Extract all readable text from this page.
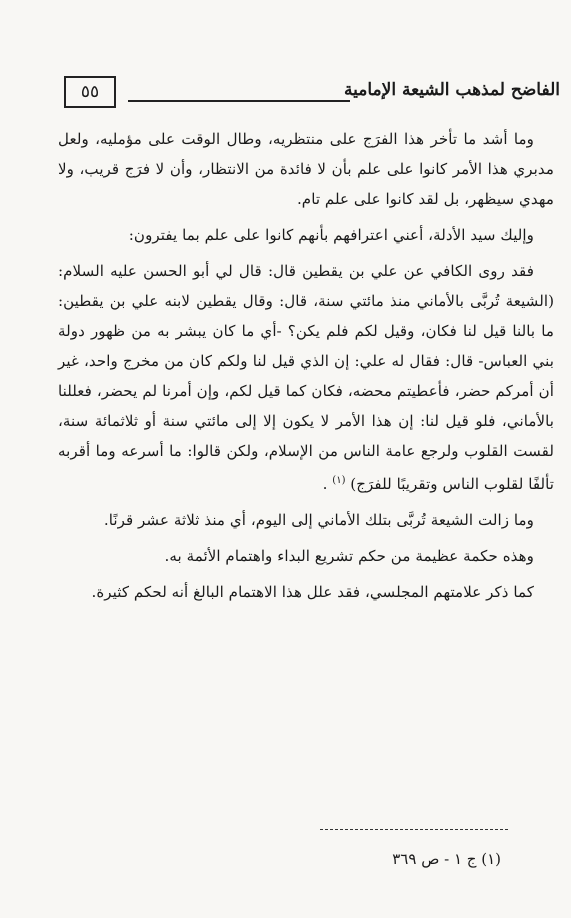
٥٥	الفاضح لمذهب الشيعة الإمامية

وما أشد ما تأخر هذا الفرَج على منتظريه، وطال الوقت على مؤمليه، ولعل مدبري هذا الأمر كانوا على علم بأن لا فائدة من الانتظار، وأن لا فرَج قريب، ولا مهدي سيظهر، بل لقد كانوا على علم تام.

وإليك سيد الأدلة، أعني اعترافهم بأنهم كانوا على علم بما يفترون:

فقد روى الكافي عن علي بن يقطين قال: قال لي أبو الحسن عليه السلام: (الشيعة تُربَّى بالأماني منذ مائتي سنة، قال: وقال يقطين لابنه علي بن يقطين: ما بالنا قيل لنا فكان، وقيل لكم فلم يكن؟ -أي ما كان يبشر به من ظهور دولة بني العباس- قال: فقال له علي: إن الذي قيل لنا ولكم كان من مخرج واحد، غير أن أمركم حضر، فأعطيتم محضه، فكان كما قيل لكم، وإن أمرنا لم يحضر، فعللنا بالأماني، فلو قيل لنا: إن هذا الأمر لا يكون إلا إلى مائتي سنة أو ثلاثمائة سنة، لقست القلوب ولرجع عامة الناس من الإسلام، ولكن قالوا: ما أسرعه وما أقربه تألفًا لقلوب الناس وتقريبًا للفرَج) $^{(١)}$ .

وما زالت الشيعة تُربَّى بتلك الأماني إلى اليوم، أي منذ ثلاثة عشر قرنًا.

وهذه حكمة عظيمة من حكم تشريع البداء واهتمام الأئمة به.

كما ذكر علامتهم المجلسي، فقد علل هذا الاهتمام البالغ أنه لحكم كثيرة.

(١) ج ١ - ص ٣٦٩
